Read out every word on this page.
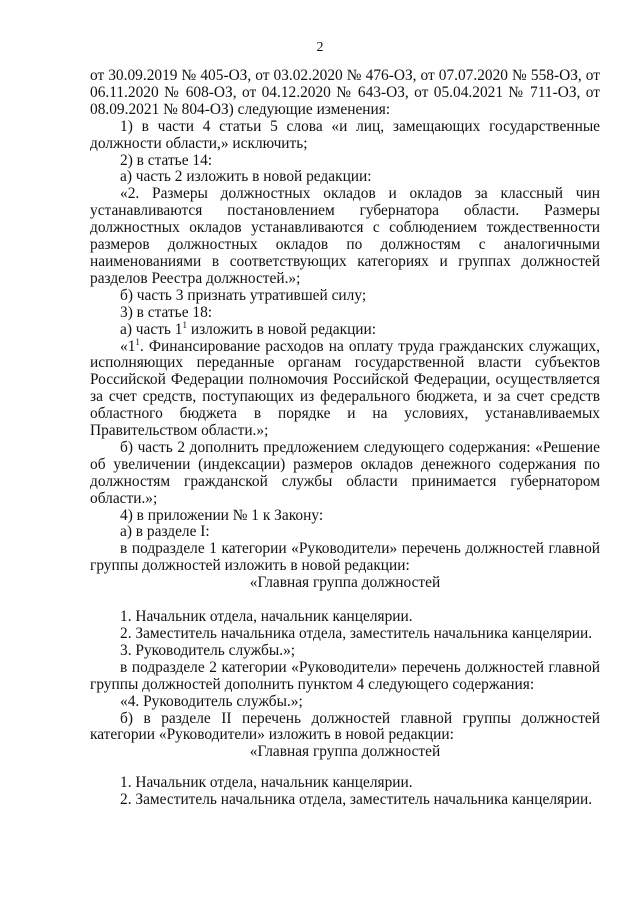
2

от 30.09.2019 № 405-ОЗ, от 03.02.2020 № 476-ОЗ, от 07.07.2020 № 558-ОЗ, от 06.11.2020 № 608-ОЗ, от 04.12.2020 № 643-ОЗ, от 05.04.2021 № 711-ОЗ, от 08.09.2021 № 804-ОЗ) следующие изменения:

1) в части 4 статьи 5 слова «и лиц, замещающих государственные должности области,» исключить;

2) в статье 14:

а) часть 2 изложить в новой редакции:

«2. Размеры должностных окладов и окладов за классный чин устанавливаются постановлением губернатора области. Размеры должностных окладов устанавливаются с соблюдением тождественности размеров должностных окладов по должностям с аналогичными наименованиями в соответствующих категориях и группах должностей разделов Реестра должностей.»;

б) часть 3 признать утратившей силу;

3) в статье 18:

а) часть $1^1$ изложить в новой редакции:

«$1^1$. Финансирование расходов на оплату труда гражданских служащих, исполняющих переданные органам государственной власти субъектов Российской Федерации полномочия Российской Федерации, осуществляется за счет средств, поступающих из федерального бюджета, и за счет средств областного бюджета в порядке и на условиях, устанавливаемых Правительством области.»;

б) часть 2 дополнить предложением следующего содержания: «Решение об увеличении (индексации) размеров окладов денежного содержания по должностям гражданской службы области принимается губернатором области.»;

4) в приложении № 1 к Закону:

а) в разделе I:

в подразделе 1 категории «Руководители» перечень должностей главной группы должностей изложить в новой редакции:

«Главная группа должностей

1. Начальник отдела, начальник канцелярии.

2. Заместитель начальника отдела, заместитель начальника канцелярии.

3. Руководитель службы.»;

в подразделе 2 категории «Руководители» перечень должностей главной группы должностей дополнить пунктом 4 следующего содержания:

«4. Руководитель службы.»;

б) в разделе II перечень должностей главной группы должностей категории «Руководители» изложить в новой редакции:

«Главная группа должностей

1. Начальник отдела, начальник канцелярии.

2. Заместитель начальника отдела, заместитель начальника канцелярии.
